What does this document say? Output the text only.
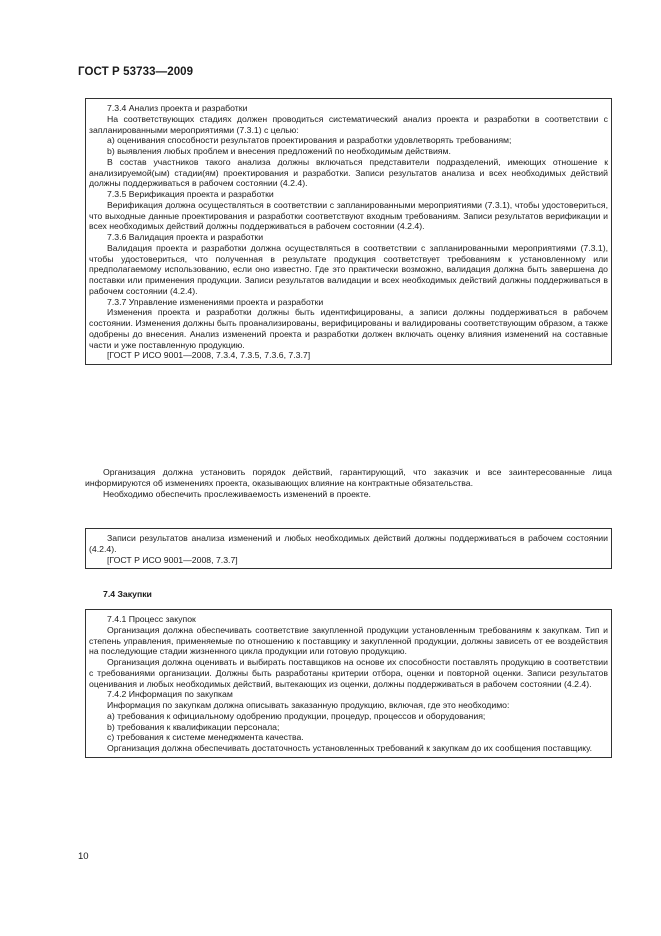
ГОСТ Р 53733—2009

7.3.4 Анализ проекта и разработки

На соответствующих стадиях должен проводиться систематический анализ проекта и разработки в соответствии с запланированными мероприятиями (7.3.1) с целью:

a) оценивания способности результатов проектирования и разработки удовлетворять требованиям;

b) выявления любых проблем и внесения предложений по необходимым действиям.

В состав участников такого анализа должны включаться представители подразделений, имеющих отношение к анализируемой(ым) стадии(ям) проектирования и разработки. Записи результатов анализа и всех необходимых действий должны поддерживаться в рабочем состоянии (4.2.4).

7.3.5 Верификация проекта и разработки

Верификация должна осуществляться в соответствии с запланированными мероприятиями (7.3.1), чтобы удостовериться, что выходные данные проектирования и разработки соответствуют входным требованиям. Записи результатов верификации и всех необходимых действий должны поддерживаться в рабочем состоянии (4.2.4).

7.3.6 Валидация проекта и разработки

Валидация проекта и разработки должна осуществляться в соответствии с запланированными мероприятиями (7.3.1), чтобы удостовериться, что полученная в результате продукция соответствует требованиям к установленному или предполагаемому использованию, если оно известно. Где это практически возможно, валидация должна быть завершена до поставки или применения продукции. Записи результатов валидации и всех необходимых действий должны поддерживаться в рабочем состоянии (4.2.4).

7.3.7 Управление изменениями проекта и разработки

Изменения проекта и разработки должны быть идентифицированы, а записи должны поддерживаться в рабочем состоянии. Изменения должны быть проанализированы, верифицированы и валидированы соответствующим образом, а также одобрены до внесения. Анализ изменений проекта и разработки должен включать оценку влияния изменений на составные части и уже поставленную продукцию.

[ГОСТ Р ИСО 9001—2008, 7.3.4, 7.3.5, 7.3.6, 7.3.7]

Организация должна установить порядок действий, гарантирующий, что заказчик и все заинтересованные лица информируются об изменениях проекта, оказывающих влияние на контрактные обязательства.

Необходимо обеспечить прослеживаемость изменений в проекте.

Записи результатов анализа изменений и любых необходимых действий должны поддерживаться в рабочем состоянии (4.2.4).

[ГОСТ Р ИСО 9001—2008, 7.3.7]

7.4 Закупки

7.4.1 Процесс закупок

Организация должна обеспечивать соответствие закупленной продукции установленным требованиям к закупкам. Тип и степень управления, применяемые по отношению к поставщику и закупленной продукции, должны зависеть от ее воздействия на последующие стадии жизненного цикла продукции или готовую продукцию.

Организация должна оценивать и выбирать поставщиков на основе их способности поставлять продукцию в соответствии с требованиями организации. Должны быть разработаны критерии отбора, оценки и повторной оценки. Записи результатов оценивания и любых необходимых действий, вытекающих из оценки, должны поддерживаться в рабочем состоянии (4.2.4).

7.4.2 Информация по закупкам

Информация по закупкам должна описывать заказанную продукцию, включая, где это необходимо:

a) требования к официальному одобрению продукции, процедур, процессов и оборудования;

b) требования к квалификации персонала;

c) требования к системе менеджмента качества.

Организация должна обеспечивать достаточность установленных требований к закупкам до их сообщения поставщику.

10
